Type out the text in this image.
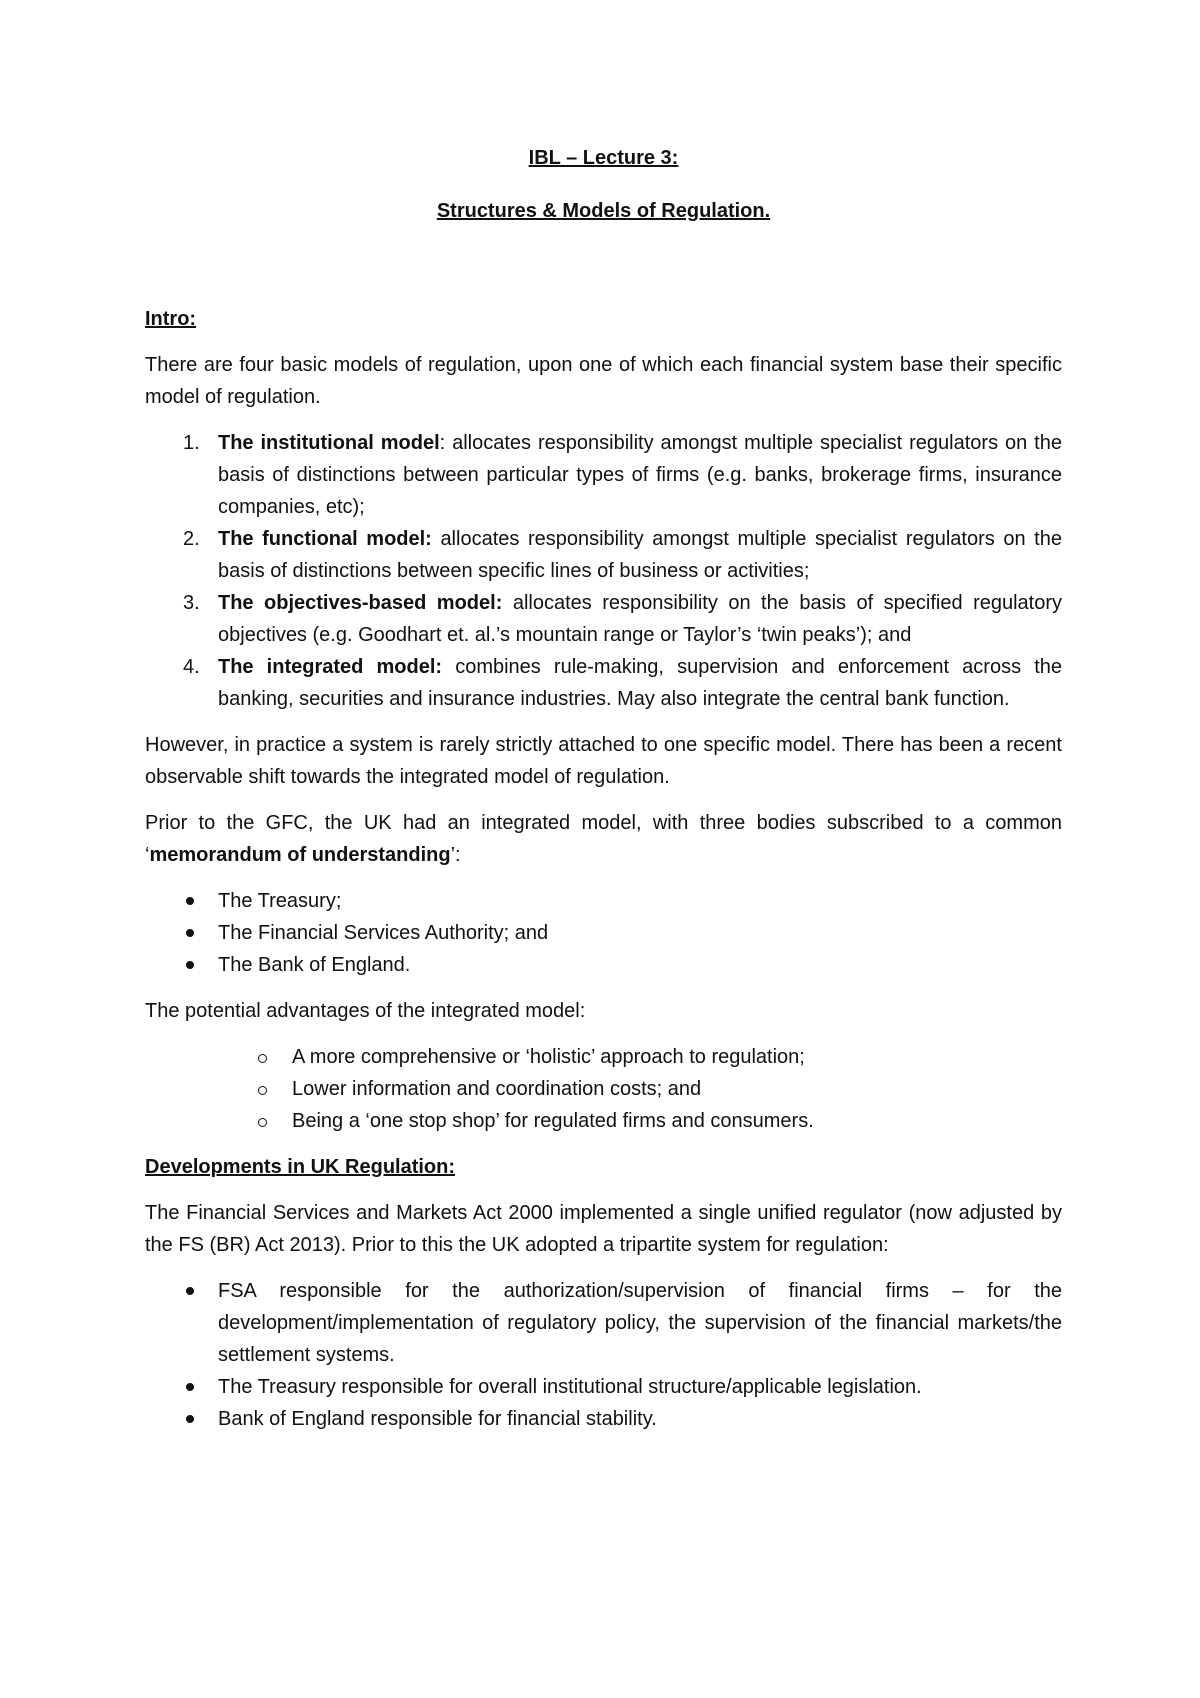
IBL – Lecture 3:

Structures & Models of Regulation.

Intro:

There are four basic models of regulation, upon one of which each financial system base their specific model of regulation.

1. The institutional model: allocates responsibility amongst multiple specialist regulators on the basis of distinctions between particular types of firms (e.g. banks, brokerage firms, insurance companies, etc);
2. The functional model: allocates responsibility amongst multiple specialist regulators on the basis of distinctions between specific lines of business or activities;
3. The objectives-based model: allocates responsibility on the basis of specified regulatory objectives (e.g. Goodhart et. al.’s mountain range or Taylor’s ‘twin peaks’); and
4. The integrated model: combines rule-making, supervision and enforcement across the banking, securities and insurance industries. May also integrate the central bank function.

However, in practice a system is rarely strictly attached to one specific model. There has been a recent observable shift towards the integrated model of regulation.

Prior to the GFC, the UK had an integrated model, with three bodies subscribed to a common ‘memorandum of understanding’:

The Treasury;
The Financial Services Authority; and
The Bank of England.

The potential advantages of the integrated model:

A more comprehensive or ‘holistic’ approach to regulation;
Lower information and coordination costs; and
Being a ‘one stop shop’ for regulated firms and consumers.

Developments in UK Regulation:

The Financial Services and Markets Act 2000 implemented a single unified regulator (now adjusted by the FS (BR) Act 2013). Prior to this the UK adopted a tripartite system for regulation:

FSA responsible for the authorization/supervision of financial firms – for the development/implementation of regulatory policy, the supervision of the financial markets/the settlement systems.
The Treasury responsible for overall institutional structure/applicable legislation.
Bank of England responsible for financial stability.
